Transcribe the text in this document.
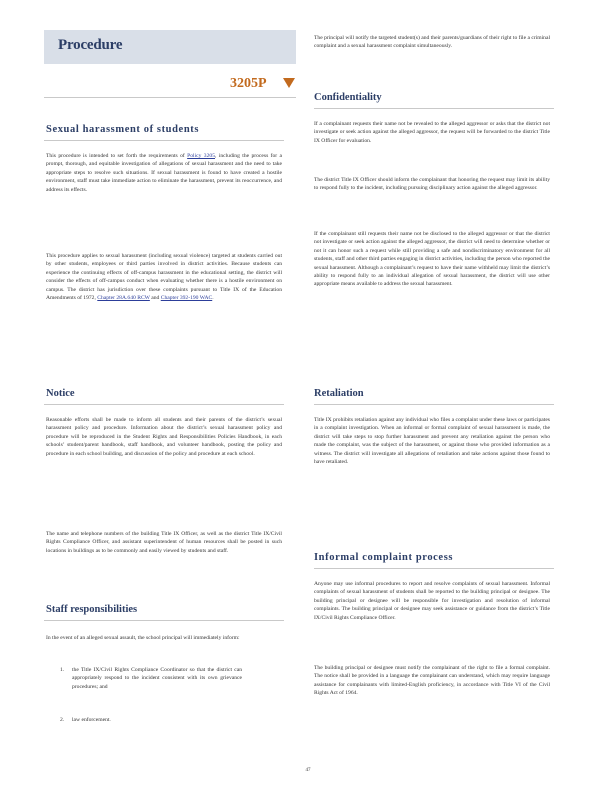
Procedure
3205P
Sexual harassment of students

This procedure is intended to set forth the requirements of Policy 3205, including the process for a prompt, thorough, and equitable investigation of allegations of sexual harassment and the need to take appropriate steps to resolve such situations. If sexual harassment is found to have created a hostile environment, staff must take immediate action to eliminate the harassment, prevent its reoccurrence, and address its effects.

This procedure applies to sexual harassment (including sexual violence) targeted at students carried out by other students, employees or third parties involved in district activities. Because students can experience the continuing effects of off-campus harassment in the educational setting, the district will consider the effects of off-campus conduct when evaluating whether there is a hostile environment on campus. The district has jurisdiction over these complaints pursuant to Title IX of the Education Amendments of 1972, Chapter 28A.640 RCW and Chapter 392-190 WAC.

Notice

Reasonable efforts shall be made to inform all students and their parents of the district’s sexual harassment policy and procedure. Information about the district’s sexual harassment policy and procedure will be reproduced in the Student Rights and Responsibilities Policies Handbook, in each schools’ student/parent handbook, staff handbook, and volunteer handbook, posting the policy and procedure in each school building, and discussion of the policy and procedure at each school.

The name and telephone numbers of the building Title IX Officer, as well as the district Title IX/Civil Rights Compliance Officer, and assistant superintendent of human resources shall be posted in such locations in buildings as to be commonly and easily viewed by students and staff.

Staff responsibilities

In the event of an alleged sexual assault, the school principal will immediately inform:

1. the Title IX/Civil Rights Compliance Coordinator so that the district can appropriately respond to the incident consistent with its own grievance procedures; and

2. law enforcement.

The principal will notify the targeted student(s) and their parents/guardians of their right to file a criminal complaint and a sexual harassment complaint simultaneously.

Confidentiality

If a complainant requests their name not be revealed to the alleged aggressor or asks that the district not investigate or seek action against the alleged aggressor, the request will be forwarded to the district Title IX Officer for evaluation.

The district Title IX Officer should inform the complainant that honoring the request may limit its ability to respond fully to the incident, including pursuing disciplinary action against the alleged aggressor.

If the complainant still requests their name not be disclosed to the alleged aggressor or that the district not investigate or seek action against the alleged aggressor, the district will need to determine whether or not it can honor such a request while still providing a safe and nondiscriminatory environment for all students, staff and other third parties engaging in district activities, including the person who reported the sexual harassment. Although a complainant’s request to have their name withheld may limit the district’s ability to respond fully to an individual allegation of sexual harassment, the district will use other appropriate means available to address the sexual harassment.

Retaliation

Title IX prohibits retaliation against any individual who files a complaint under these laws or participates in a complaint investigation. When an informal or formal complaint of sexual harassment is made, the district will take steps to stop further harassment and prevent any retaliation against the person who made the complaint, was the subject of the harassment, or against those who provided information as a witness. The district will investigate all allegations of retaliation and take actions against those found to have retaliated.

Informal complaint process

Anyone may use informal procedures to report and resolve complaints of sexual harassment. Informal complaints of sexual harassment of students shall be reported to the building principal or designee. The building principal or designee will be responsible for investigation and resolution of informal complaints. The building principal or designee may seek assistance or guidance from the district’s Title IX/Civil Rights Compliance Officer.

The building principal or designee must notify the complainant of the right to file a formal complaint. The notice shall be provided in a language the complainant can understand, which may require language assistance for complainants with limited-English proficiency, in accordance with Title VI of the Civil Rights Act of 1964.

47
